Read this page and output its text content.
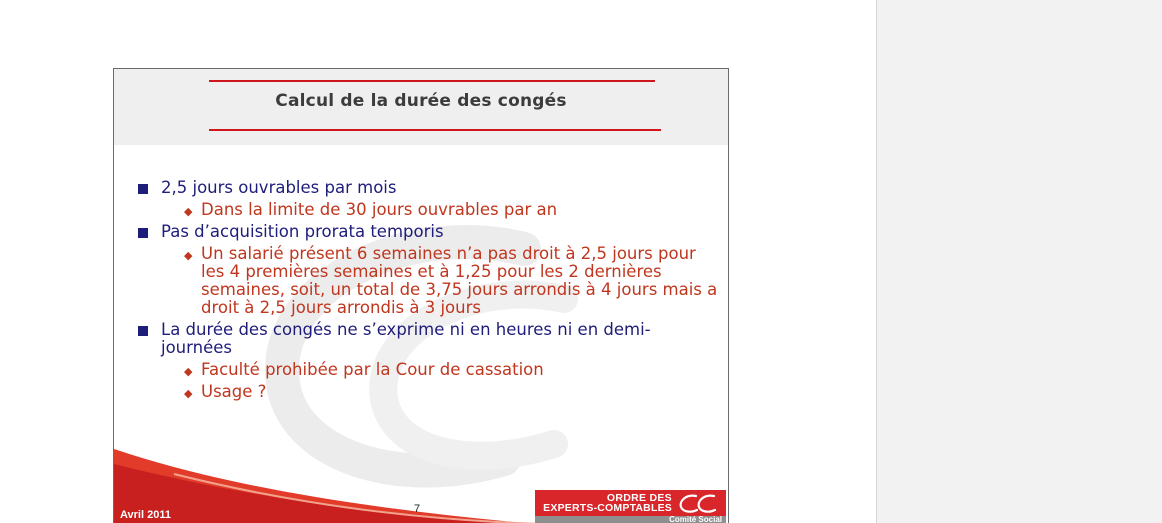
Calcul de la durée des congés
2,5 jours ouvrables par mois
◆ Dans la limite de 30 jours ouvrables par an
Pas d’acquisition prorata temporis
◆ Un salarié présent 6 semaines n’a pas droit à 2,5 jours pour les 4 premières semaines et à 1,25 pour les 2 dernières semaines, soit, un total de 3,75 jours arrondis à 4 jours mais a droit à 2,5 jours arrondis à 3 jours
La durée des congés ne s’exprime ni en heures ni en demi-journées
◆ Faculté prohibée par la Cour de cassation
◆ Usage ?
Avril 2011	7
ORDRE DES
EXPERTS-COMPTABLES
Comité Social
